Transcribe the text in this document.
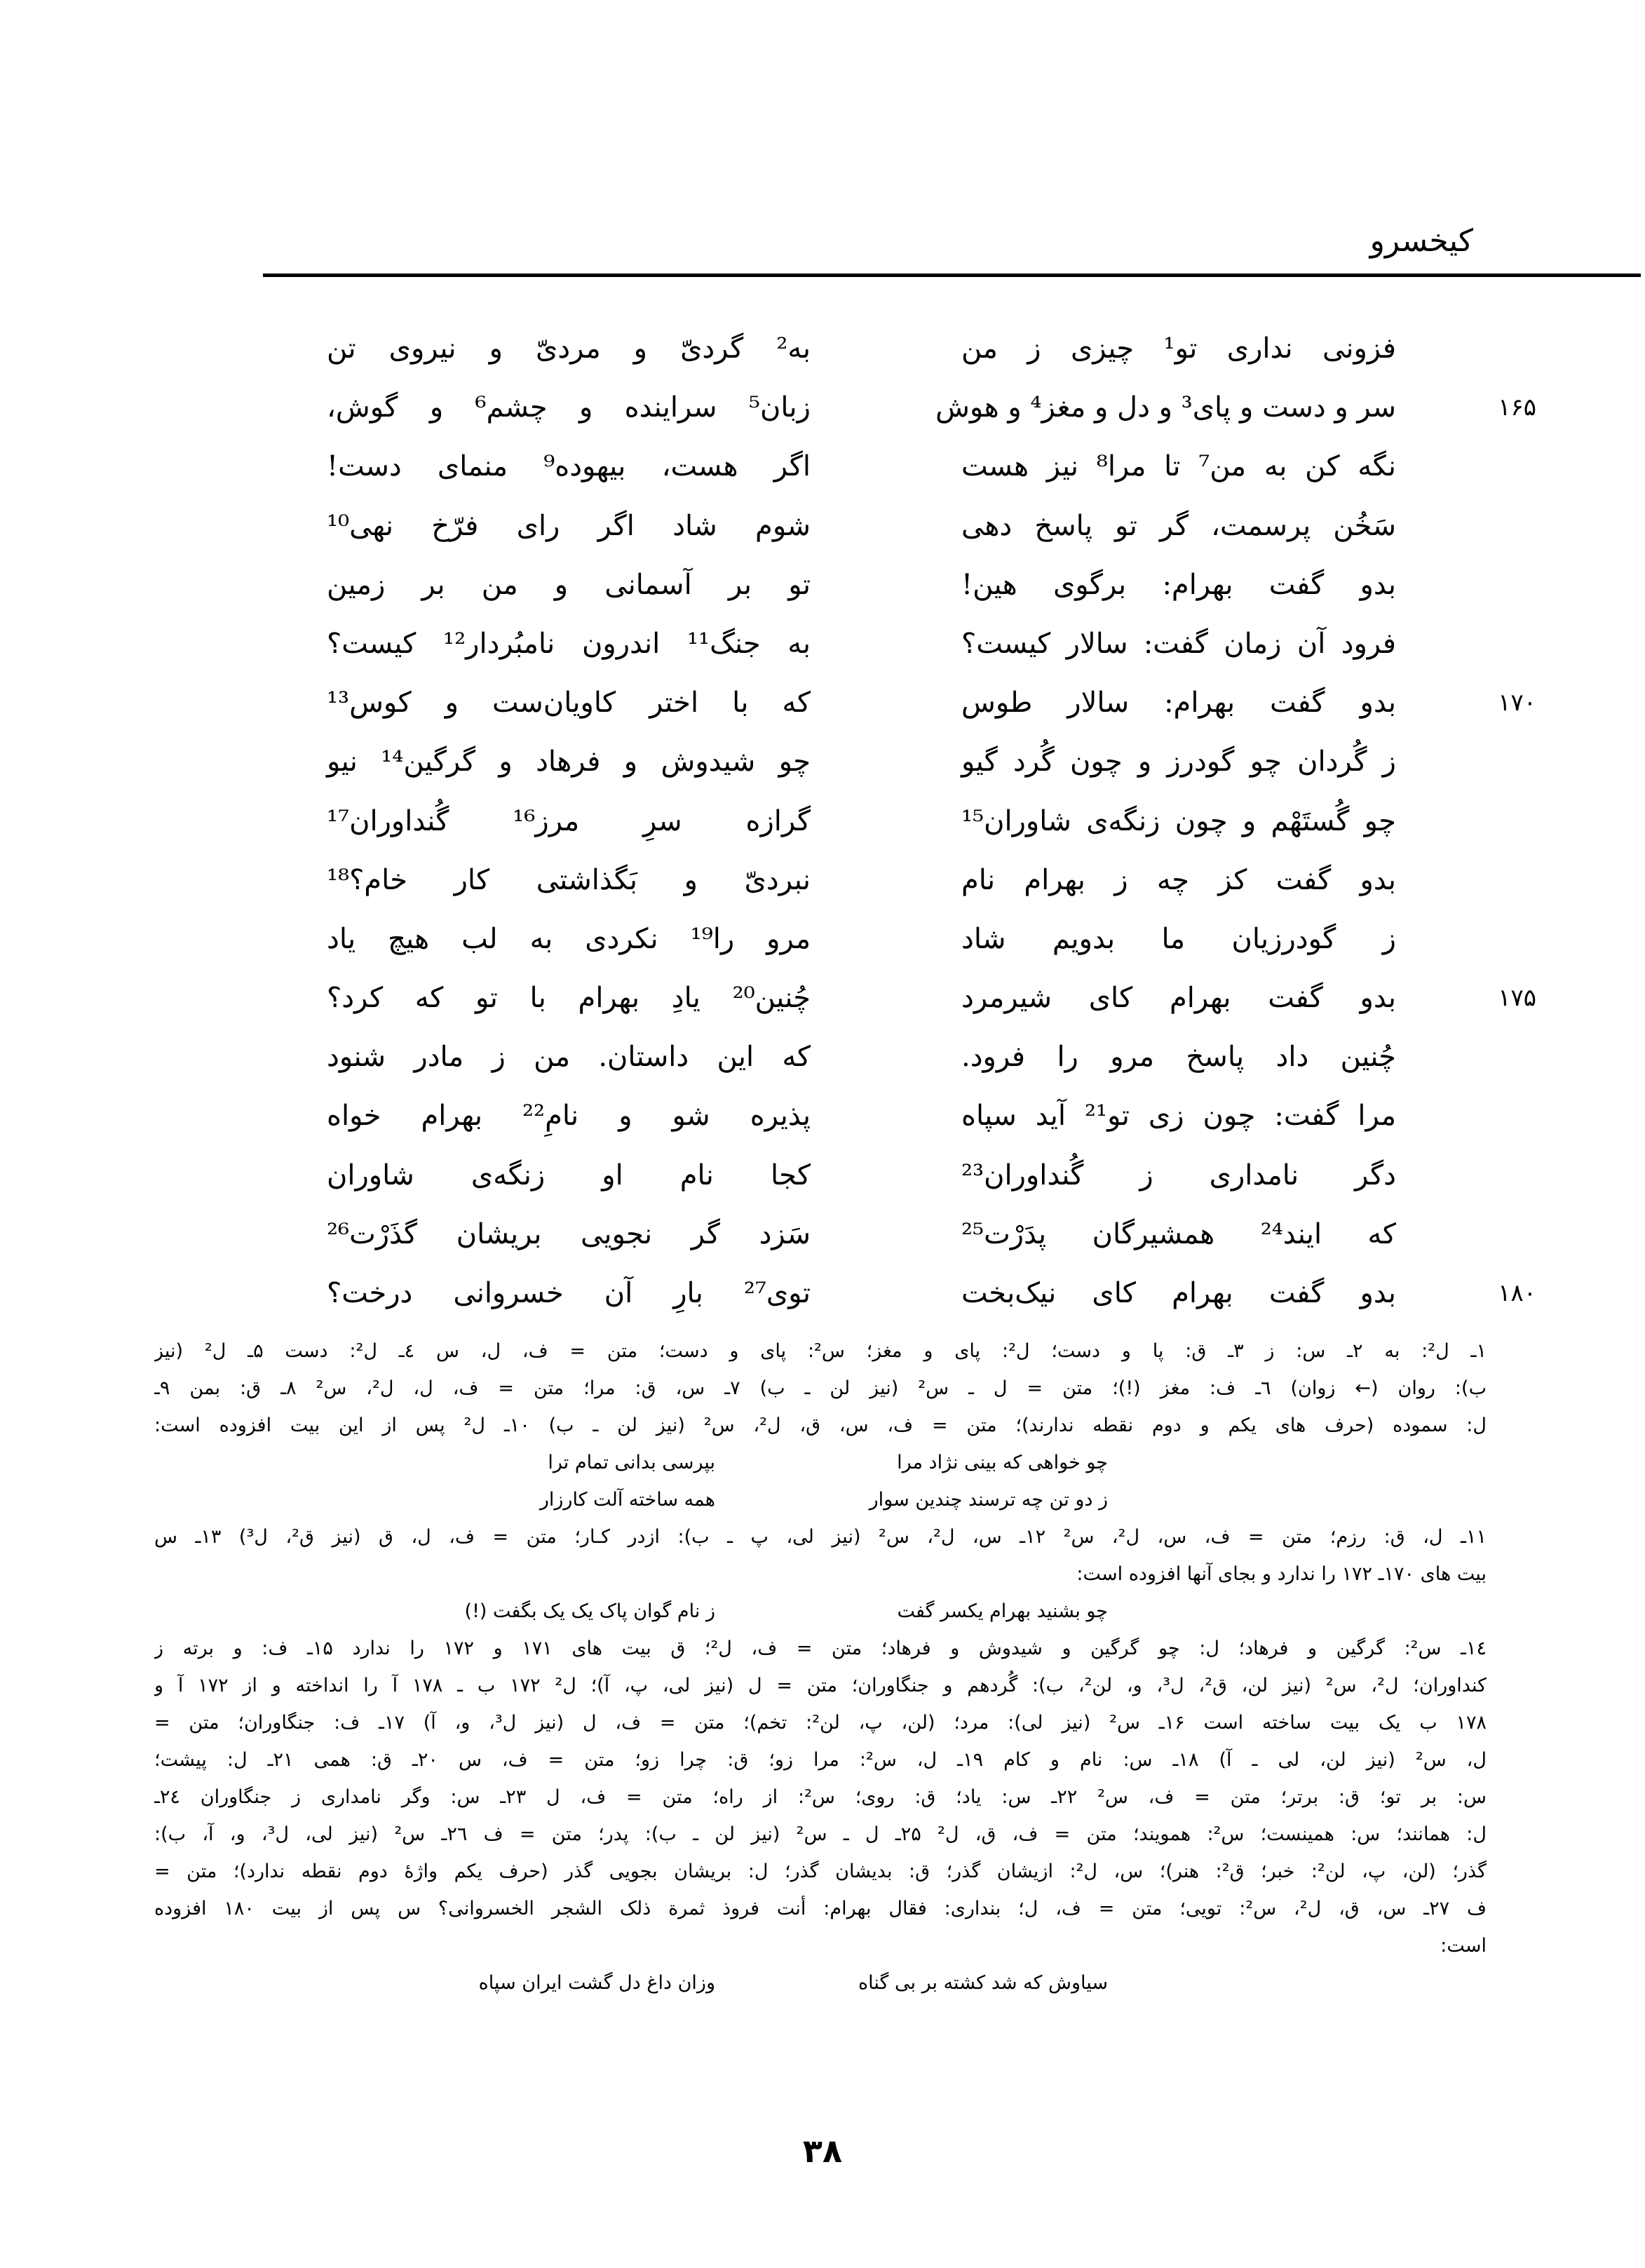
کیخسرو
فزونی نداری تو¹ چیزی ز من
به² گردیّ و مردیّ و نیروی تن
۱۶۵
سر و دست و پای³ و دل و مغز⁴ و هوش
زبان⁵ سراینده و چشم⁶ و گوش،
نگه کن به من⁷ تا مرا⁸ نیز هست
اگر هست، بیهوده⁹ منمای دست!
سَخُن پرسمت، گر تو پاسخ دهی
شوم شاد اگر رای فرّخ نهی¹⁰
بدو گفت بهرام: برگوی هین!
تو بر آسمانی و من بر زمین
فرود آن زمان گفت: سالار کیست؟
به جنگ¹¹ اندرون نامبُردار¹² کیست؟
۱۷۰
بدو گفت بهرام: سالار طوس
که با اختر کاویان‌ست و کوس¹³
ز گُردان چو گودرز و چون گُرد گیو
چو شیدوش و فرهاد و گرگین¹⁴ نیو
چو گُستَهْم و چون زنگه‌ی شاوران¹⁵
گرازه سرِ مرز¹⁶ گُنداوران¹⁷
بدو گفت کز چه ز بهرام نام
نبردیّ و بَگذاشتی کار خام؟¹⁸
ز گودرزیان ما بدویم شاد
مرو را¹⁹ نکردی به لب هیچ یاد
۱۷۵
بدو گفت بهرام کای شیرمرد
چُنین²⁰ یادِ بهرام با تو که کرد؟
چُنین داد پاسخ مرو را فرود.
که این داستان. من ز مادر شنود
مرا گفت: چون زی تو²¹ آید سپاه
پذیره شو و نامِ²² بهرام خواه
دگر نامداری ز گُنداوران²³
کجا نام او زنگه‌ی شاوران
که ایند²⁴ همشیرگان پدَرْت²⁵
سَزد گر نجویی بریشان گذَرْت²⁶
۱۸۰
بدو گفت بهرام کای نیک‌بخت
توی²⁷ بارِ آن خسروانی درخت؟
۱ـ ل²: به ۲ـ س: ز ۳ـ ق: پا و دست؛ ل²: پای و مغز؛ س²: پای و دست؛ متن = ف، ل، س ٤ـ ل²: دست ۵ـ ل² (نیز
ب): روان (← زوان) ٦ـ ف: مغز (!)؛ متن = ل ـ س² (نیز لن ـ ب) ۷ـ س، ق: مرا؛ متن = ف، ل، ل²، س² ۸ـ ق: بمن ۹ـ
ل: سموده (حرف های یکم و دوم نقطه ندارند)؛ متن = ف، س، ق، ل²، س² (نیز لن ـ ب) ۱۰ـ ل² پس از این بیت افزوده است:
چو خواهی که بینی نژاد مرا
بپرسی بدانی تمام ترا
ز دو تن چه ترسند چندین سوار
همه ساخته آلت کارزار
۱۱ـ ل، ق: رزم؛ متن = ف، س، ل²، س² ۱۲ـ س، ل²، س² (نیز لی، پ ـ ب): ازدر کـار؛ متن = ف، ل، ق (نیز ق²، ل³) ۱۳ـ س
بیت های ۱۷۰ـ ۱۷۲ را ندارد و بجای آنها افزوده است:
چو بشنید بهرام یکسر گفت
ز نام گوان پاک یک یک بگفت (!)
۱٤ـ س²: گرگین و فرهاد؛ ل: چو گرگین و شیدوش و فرهاد؛ متن = ف، ل²؛ ق بیت های ۱۷۱ و ۱۷۲ را ندارد ۱۵ـ ف: و برته ز
کنداوران؛ ل²، س² (نیز لن، ق²، ل³، و، لن²، ب): گُردهم و جنگاوران؛ متن = ل (نیز لی، پ، آ)؛ ل² ۱۷۲ ب ـ ۱۷۸ آ را انداخته و از ۱۷۲ آ و
۱۷۸ ب یک بیت ساخته است ۱۶ـ س² (نیز لی): مرد؛ (لن، پ، لن²: تخم)؛ متن = ف، ل (نیز ل³، و، آ) ۱۷ـ ف: جنگاوران؛ متن =
ل، س² (نیز لن، لی ـ آ) ۱۸ـ س: نام و کام ۱۹ـ ل، س²: مرا زو؛ ق: چرا زو؛ متن = ف، س ۲۰ـ ق: همی ۲۱ـ ل: پیشت؛
س: بر تو؛ ق: برتر؛ متن = ف، س² ۲۲ـ س: یاد؛ ق: روی؛ س²: از راه؛ متن = ف، ل ۲۳ـ س: وگر نامداری ز جنگاوران ۲٤ـ
ل: همانند؛ س: همینست؛ س²: همویند؛ متن = ف، ق، ل² ۲۵ـ ل ـ س² (نیز لن ـ ب): پدر؛ متن = ف ۲٦ـ س² (نیز لی، ل³، و، آ، ب):
گذر؛ (لن، پ، لن²: خبر؛ ق²: هنر)؛ س، ل²: ازیشان گذر؛ ق: بدیشان گذر؛ ل: بریشان بجویی گذر (حرف یکم واژهٔ دوم نقطه ندارد)؛ متن =
ف ۲۷ـ س، ق، ل²، س²: تویی؛ متن = ف، ل؛ بنداری: فقال بهرام: أنت فروذ ثمرة ذلک الشجر الخسروانی؟ س پس از بیت ۱۸۰ افزوده
است:
سیاوش که شد کشته بر بی گناه
وزان داغ دل گشت ایران سپاه
۳۸
